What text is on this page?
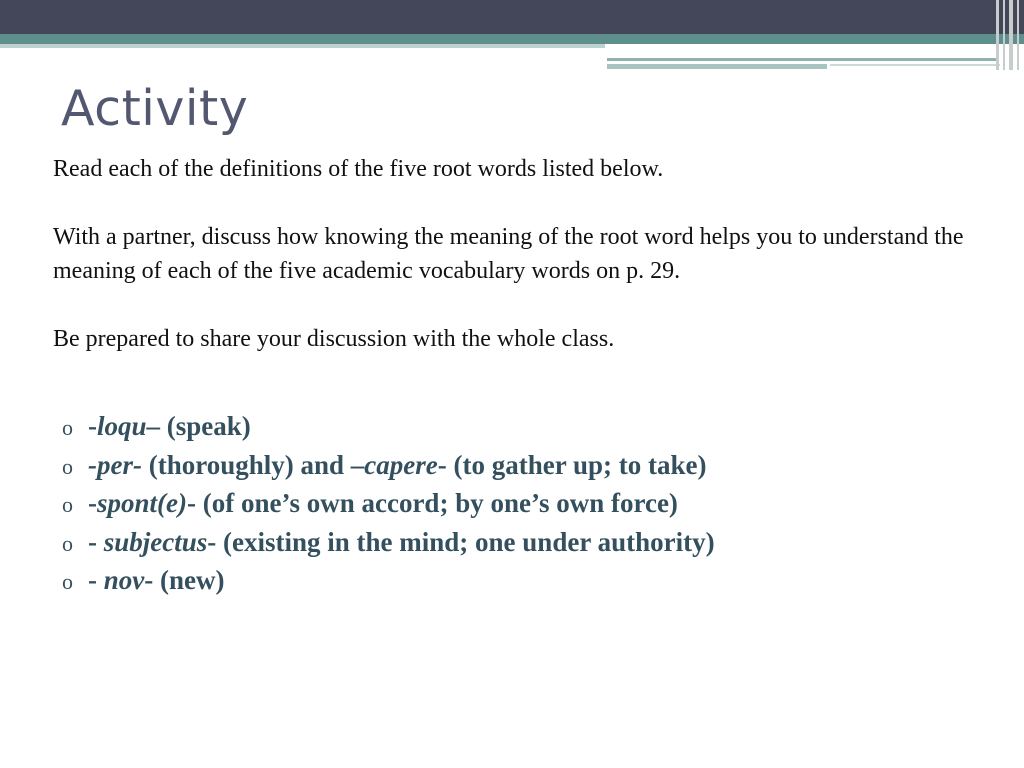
Activity

Read each of the definitions of the five root words listed below.

With a partner, discuss how knowing the meaning of the root word helps you to understand the meaning of each of the five academic vocabulary words on p. 29.

Be prepared to share your discussion with the whole class.

o - loqu – (speak)
o -per- (thoroughly) and – capere - (to gather up; to take)
o - spont(e) - (of one’s own accord; by one’s own force)
o - subjectus - (existing in the mind; one under authority)
o - nov - (new)
